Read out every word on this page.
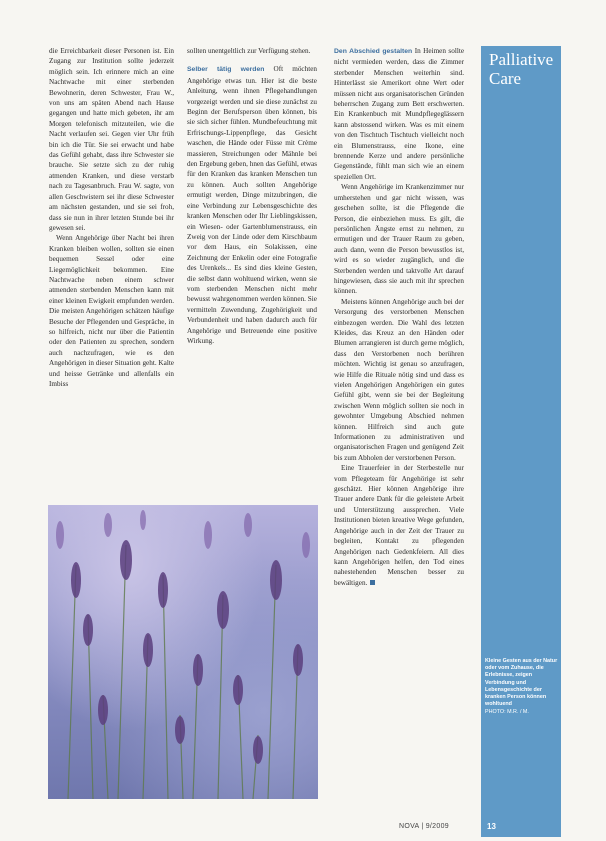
die Erreichbarkeit dieser Personen ist. Ein Zugang zur Institution sollte jederzeit möglich sein. Ich erinnere mich an eine Nachtwache mit einer sterbenden Bewohnerin, deren Schwester, Frau W., von uns am späten Abend nach Hause gegangen und hatte mich gebeten, ihr am Morgen telefonisch mitzuteilen, wie die Nacht verlaufen sei. Gegen vier Uhr früh bin ich die Tür. Sie sei erwacht und habe das Gefühl gehabt, dass ihre Schwester sie brauche. Sie setzte sich zu der ruhig atmenden Kranken, und diese verstarb nach zu Tagesanbruch. Frau W. sagte, von allen Geschwistern sei ihr diese Schwester am nächsten gestanden, und sie sei froh, dass sie nun in ihrer letzten Stunde bei ihr gewesen sei.

Wenn Angehörige über Nacht bei ihren Kranken bleiben wollen, sollten sie einen bequemen Sessel oder eine Liegemöglichkeit bekommen. Eine Nachtwache neben einem schwer atmenden sterbenden Menschen kann mit einer kleinen Ewigkeit empfunden werden. Die meisten Angehörigen schätzen häufige Besuche der Pflegenden und Gespräche, in so hilfreich, nicht nur über die Patientin oder den Patienten zu sprechen, sondern auch nachzufragen, wie es den Angehörigen in dieser Situation geht. Kalte und heisse Getränke und allenfalls ein Imbiss

sollten unentgeltlich zur Verfügung stehen.

Selber tätig werden Oft möchten Angehörige etwas tun. Hier ist die beste Anleitung, wenn ihnen Pflegehandlungen vorgezeigt werden und sie diese zunächst zu Beginn der Berufsperson üben können, bis sie sich sicher fühlen. Mundbefeuchtung mit Erfrischungs-Lippenpflege, das Gesicht waschen, die Hände oder Füsse mit Crème massieren, Streichungen oder Mähnle bei den Ergebung geben, hnen das Gefühl, etwas für den Kranken das kranken Menschen tun zu können. Auch sollten Angehörige ermutigt werden, Dinge mitzubringen, die eine Verbindung zur Lebensgeschichte des kranken Menschen oder Ihr Lieblingskissen, ein Wiesen- oder Gartenblumenstrauss, ein Zweig von der Linde oder dem Kirschbaum vor dem Haus, ein Solakissen, eine Zeichnung der Enkelin oder eine Fotografie des Urenkels... Es sind dies kleine Gesten, die selbst dann wohltuend wirken, wenn sie vom sterbenden Menschen nicht mehr bewusst wahrgenommen werden können. Sie vermitteln Zuwendung, Zugehörigkeit und Verbundenheit und haben dadurch auch für Angehörige und Betreuende eine positive Wirkung.

Den Abschied gestalten In Heimen sollte nicht vermieden werden, dass die Zimmer sterbender Menschen weiterhin sind. Hinterlässt sie Amerikort ohne Wert oder müssen nicht aus organisatorischen Gründen beherrschen Zugang zum Bett erschwerten. Ein Krankenbuch mit Mundpflegeglässern kann abstossend wirken. Was es mit einem von den Tischtuch Tischtuch vielleicht noch ein Blumenstrauss, eine Ikone, eine brennende Kerze und andere persönliche Gegenstände, fühlt man sich wie an einem speziellen Ort.

Wenn Angehörige im Krankenzimmer nur umherstehen und gar nicht wissen, was geschehen sollte, ist die Pflegende die Person, die einbeziehen muss. Es gilt, die persönlichen Ängste ernst zu nehmen, zu ermutigen und der Trauer Raum zu geben, auch dann, wenn die Person bewusstlos ist, wird es so wieder zugänglich, und die Sterbenden werden und taktvolle Art darauf hingewiesen, dass sie auch mit ihr sprechen können.

Meistens können Angehörige auch bei der Versorgung des verstorbenen Menschen einbezogen werden. Die Wahl des letzten Kleides, das Kreuz an den Händen oder Blumen arrangieren ist durch gerne möglich, dass den Verstorbenen noch berühren möchten. Wichtig ist genau so anzufragen, wie Hilfe die Rituale nötig sind und dass es vielen Angehörigen Angehörigen ein gutes Gefühl gibt, wenn sie bei der Begleitung zwischen Wenn möglich sollten sie noch in gewohnter Umgebung Abschied nehmen können. Hilfreich sind auch gute Informationen zu administrativen und organisatorischen Fragen und genügend Zeit bis zum Abholen der verstorbenen Person.

Eine Trauerfeier in der Sterbestelle nur vom Pflegeteam für Angehörige ist sehr geschätzt. Hier können Angehörige ihre Trauer andere Dank für die geleistete Arbeit und Unterstützung aussprechen. Viele Institutionen bieten kreative Wege gefunden, Angehörige auch in der Zeit der Trauer zu begleiten, Kontakt zu pflegenden Angehörigen nach Gedenkfeiern. All dies kann Angehörigen helfen, den Tod eines nahestehenden Menschen besser zu bewältigen.

Palliative
Care
Kleine Gesten aus der Natur oder vom Zuhause, die Erlebnisse, zeigen Verbindung und Lebensgeschichte der kranken Person können wohltuend
PHOTO: M.R. / M.
NOVA | 9/2009	13
